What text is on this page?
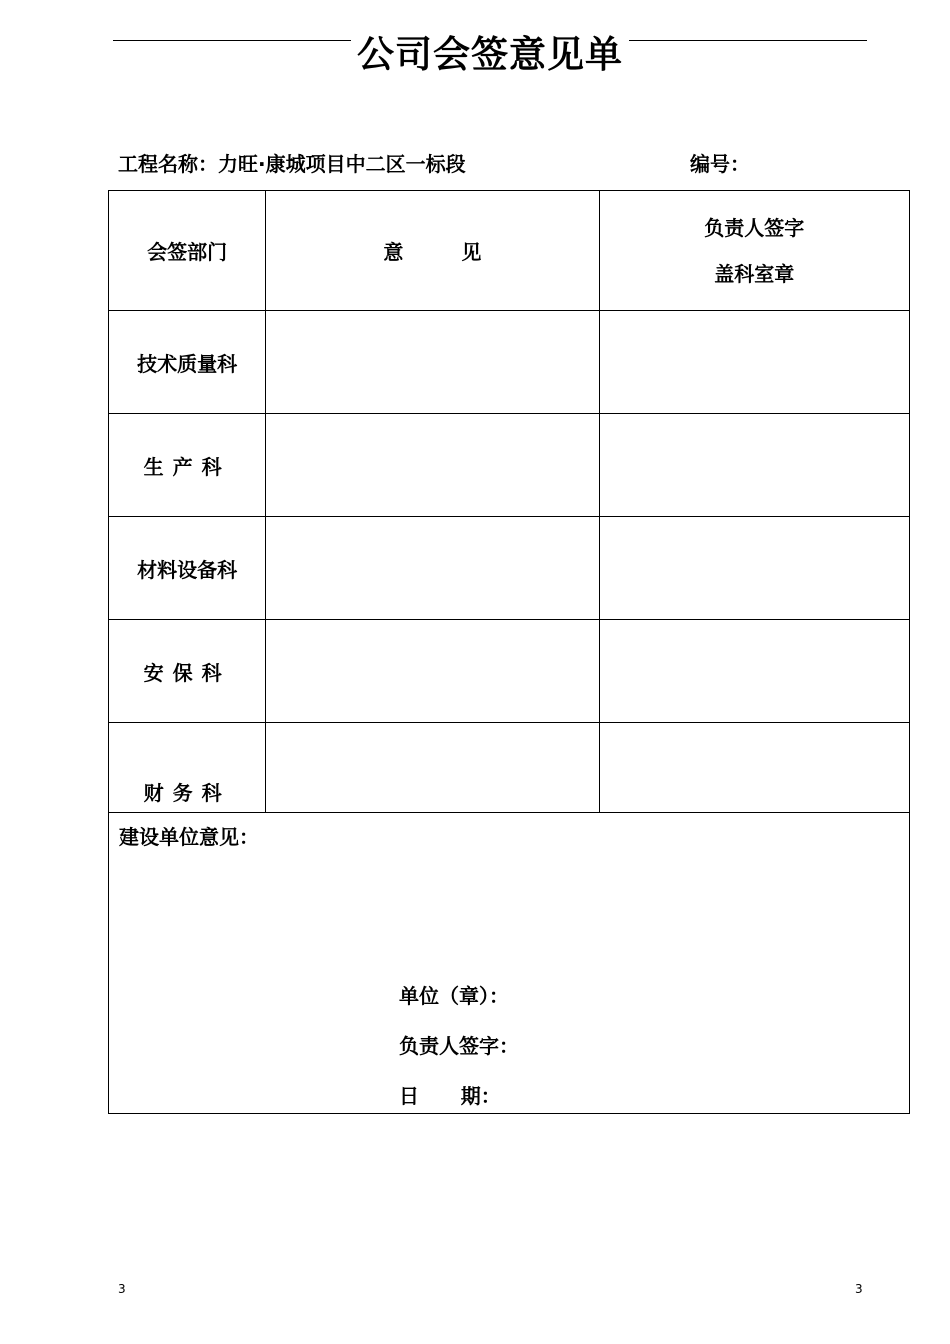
公司会签意见单
工程名称：力旺·康城项目中二区一标段	编号：
会签部门	意 见	负责人签字
盖科室章

技术质量科		
生产科		
材料设备科		
安保科		
财务科		

建设单位意见：
单位（章）：
负责人签字：
日      期：		
3	3
